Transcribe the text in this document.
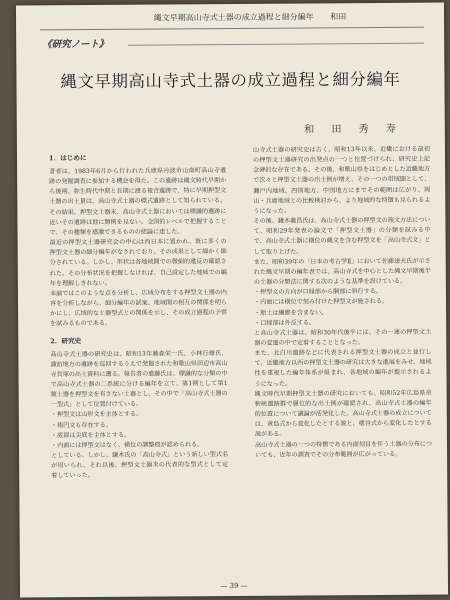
縄文早期高山寺式土器の成立過程と細分編年 和田
《研究ノート》
縄文早期高山寺式土器の成立過程と細分編年
和 田 秀 寿
1．はじめに

著者は、1983年6月から行われた兵庫県丹波市山南町高山寺遺跡の発掘調査に参加する機会を得た。この遺跡は縄文時代早期から後期、弥生時代中期と長期に渡る複合遺跡で、特に早期押型文土器の出土量は、高山寺式土器の標式遺跡として知られている。

その結果、押型文土器末、高山寺式土器においては標識的遺跡に近いその遺跡は他に類例を見ない。全国的レベルで把握することで、その種類を感激できるものの結論に達した。

最近の押型文土器研究会の中心は西日本に置かれ、既に多くの押型文土器の細分編年がなされており、その成果として細かく細分されている。しかし、形状は各地域間での微細的違反の確認された。その分布状況を把握しなければ、自己設定した地域での編年を理解しきれない。

本論ではこのような点を分析し、広域分布をする押型文土器の内容を分析しながら、細分編年の試案、地域間の相互の関係を明らかにし、広域的な土器型式との関係を示し、その成立過程の予察を試みるものである。

2．研究史

高山寺式土器の研究史は、昭和13年藤森栄一氏、小林行雄氏、諏訪地方の遺跡を巡回するうえで発掘された和歌山県田辺市高山寺貝塚の出土資料に遡る。報告者の進藤氏は、標識的な分類の中で高山寺式土器の二系統に分ける編年を立て、第1期として第1類土器を押型文を有さない土器とし、その中で「高山寺式土器の一型式」として位置付けている。

・押型文は山形文を主体とする。
・楕円文も存在する。
・底部は尖底を主体とする。
・内面には押型文はなく、横位の調整痕が認められる。

としている。しかし、鎌木氏の「高山寺式」という新しい型式名が用いられ、それ以後、押型文土器末の代表的な型式として定着していった。

山寺式土器の研究史は古く、昭和13年以来、近畿における最初の押型文土器研究の出発点の一つと位置づけられ、研究史上記念碑的な存在である。その後、和歌山県をはじめとした近畿地方で次々と押型文土器の出土例が増え、その一つの帯域圏として、瀬戸内地域、四国地方、中国地方にまでその範囲は広がり、岡山・兵庫地域との比較検討から、より地域的な特徴も見られるようになった。

その後、鎌木義昌氏は、高山寺式土器の押型文の施文方法について、昭和29年発表の論文で「押型文土器」の分類を試みる中で、高山寺式土器に横位の縄文を含む押型文を「高山寺式文」として取り上げた。

また、昭和39年の「日本の考古学Ⅱ」において佐藤達夫氏が示された縄文早期の編年表では、高山寺式を中心とした縄文早期後半の土器の分類法に関する次のような基準を設けている。

・押型文の方向が口縁部から胴部に斜行する。
・内面には横位で刻み付けた押型文が施される。
・胎土は繊維を含まない。
・口縁部は外反する。

と高山寺式土器は、昭和30年代後半には、その一連の押型文土器の変遷の中で定着することとなった。

また、北白川遺跡などに代表される押型文土器の成立と並行して、近畿地方以西の押型文土器の研究は大きな進展をみせ、地域性を重視した編年体系が組まれ、各地域の編年が提示されるようになった。

縄文時代早期押型文土器の研究においても、昭和52年広島県帝釈峡遺跡群で層位的な出土例が確認され、高山寺式土器の編年的位置について議論が活発化した。高山寺式土器の成立については、黄島式から変化したとする説と、穂谷式から変化したとする説がある。

高山寺式土器の一つの特徴である内面刻目を伴う土器の分布についても、近年の調査でその分布範囲が広がっている。

— 39 —
